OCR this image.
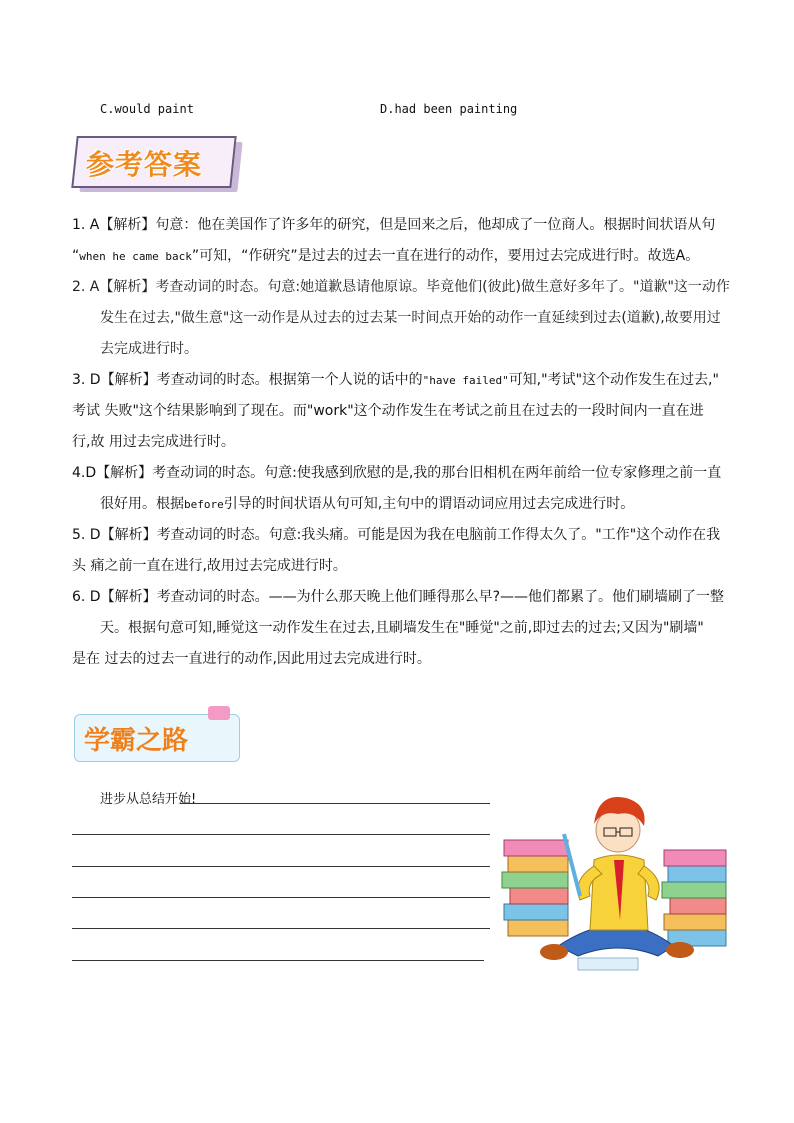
C.would paint	D.had been painting
参考答案

1. A【解析】句意：他在美国作了许多年的研究，但是回来之后，他却成了一位商人。根据时间状语从句

“when he came back”可知，“作研究”是过去的过去一直在进行的动作，要用过去完成进行时。故选A。

2. A【解析】考查动词的时态。句意:她道歉恳请他原谅。毕竟他们(彼此)做生意好多年了。"道歉"这一动作

发生在过去,"做生意"这一动作是从过去的过去某一时间点开始的动作一直延续到过去(道歉),故要用过

去完成进行时。

3. D【解析】考查动词的时态。根据第一个人说的话中的"have failed"可知,"考试"这个动作发生在过去,"

考试 失败"这个结果影响到了现在。而"work"这个动作发生在考试之前且在过去的一段时间内一直在进

行,故 用过去完成进行时。

4.D【解析】考查动词的时态。句意:使我感到欣慰的是,我的那台旧相机在两年前给一位专家修理之前一直

很好用。根据before引导的时间状语从句可知,主句中的谓语动词应用过去完成进行时。

5. D【解析】考查动词的时态。句意:我头痛。可能是因为我在电脑前工作得太久了。"工作"这个动作在我

头 痛之前一直在进行,故用过去完成进行时。

6. D【解析】考查动词的时态。——为什么那天晚上他们睡得那么早?——他们都累了。他们刷墙刷了一整

天。根据句意可知,睡觉这一动作发生在过去,且刷墙发生在"睡觉"之前,即过去的过去;又因为"刷墙"

是在 过去的过去一直进行的动作,因此用过去完成进行时。

学霸之路
进步从总结开始!
